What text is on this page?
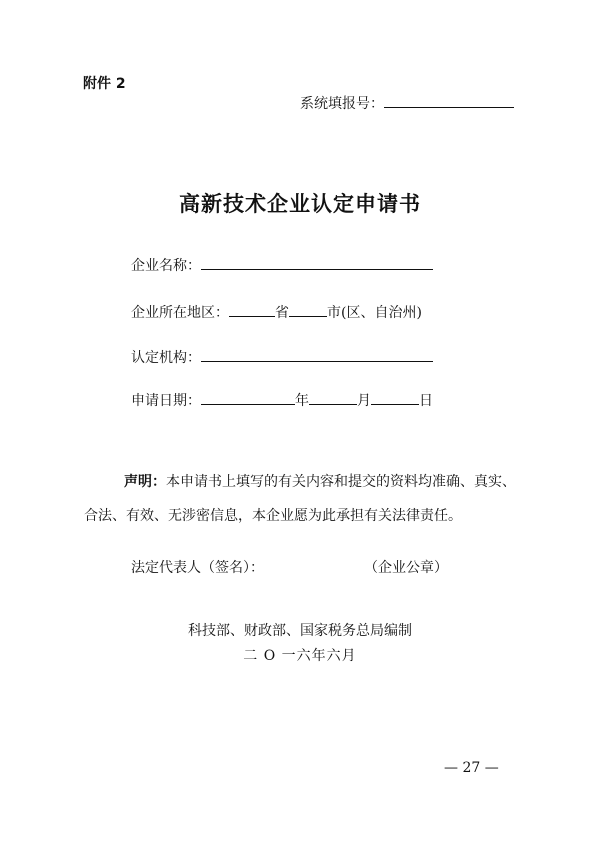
附件 2
系统填报号：
高新技术企业认定申请书
企业名称：
企业所在地区：	省	市(区、自治州)
认定机构：
申请日期：	年	月	日
声明：本申请书上填写的有关内容和提交的资料均准确、真实、合法、有效、无涉密信息，本企业愿为此承担有关法律责任。
法定代表人（签名）：	（企业公章）
科技部、财政部、国家税务总局编制
二 O 一六年六月
— 27 —
